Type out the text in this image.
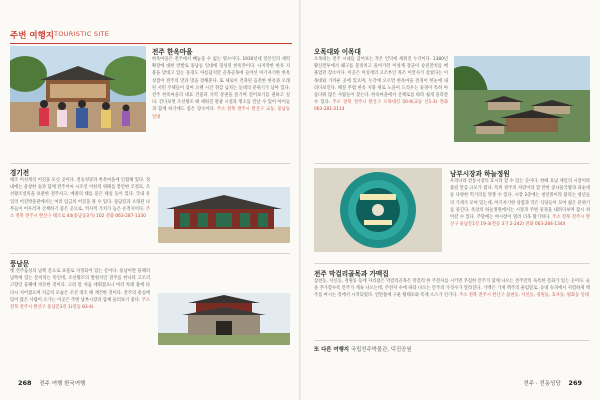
주변 여행지 TOURISTIC SITE
전주 한옥마을
한옥마을은 전주에서 빼놓을 수 없는 명소이다. 1930년대 일본인의 세력 확장에 대한 반발로 풍남동 일대에 형성된 한옥촌이다. 나지막한 한옥 지붕을 맞대고 있는 풍경도 아름답지만 골목골목에 들어선 아기자기한 한옥 상점이 전주의 맛과 멋을 전해준다. 또 새로이 건축된 음전한 한옥과 오래된 서민 주택들이 섞여 오랜 시간 정감 넘치는 동네의 분위기가 남아 있다. 전주 한옥마을의 대표 건물과 지역 상권을 즐기며 걸어보기를 권하고 싶다. 걷다보면 조선왕조 때 세워진 관광 시설과 명소를 만날 수 있어 아이들과 함께 하기에도 좋은 장소이다. 주소 전북 전주시 완산구 교동, 풍남동 일대
경기전
태조 이성계의 어진을 모신 곳이다. 전동성당과 한옥마을에 인접해 있다. 경내에는 울창한 숲과 함께 전주이씨 시조인 이한의 위패를 봉안한 조경묘, 조선왕조실록을 보관한 전주사고, 예종의 태를 묻은 태실 등이 있다. 국내 유일의 어진박물관에서는 여러 임금의 어진을 볼 수 있다. 돌담길과 오래된 나무들이 어우러져 산책하기 좋은 곳으로, 역사적 가치가 높은 유적지이다. 주소 전북 전주시 완산구 태조로 44(풍남동3가) 102 전화 063-287-1330
풍남문
옛 전주읍성의 남쪽 문으로 보물로 지정되어 있는 문이다. 풍남이란 풍패의 남쪽에 있는 문이라는 뜻인데, 조선왕조의 발원지인 전주를 한나라 고조의 고향인 풍패에 비유한 것이다. 고려 말 처음 세워졌으나 여러 차례 불에 타 다시 지어졌으며 지금의 모습은 조선 영조 때 재건한 것이다. 전주의 중심에 있어 많은 사람이 오가는 이곳은 주변 남부시장과 함께 둘러보기 좋다. 주소 전북 전주시 완산구 풍남문3길 1(전동 83-4)
268 전주 여행 한국여행
오목대와 이목대
오목대는 전주 시내를 굽어보는 작은 언덕에 세워진 누각이다. 1380년 황산전투에서 왜구를 물리치고 돌아가던 이성계 장군이 승전잔치를 베풀었던 장소이다. 이곳은 이성계의 고조부인 목조 이안사가 살았다는 이목대와 가까운 곳에 있으며, 누각에 오르면 한옥마을 전경이 한눈에 내려다보인다. 해질 무렵 한옥 지붕 위로 노을이 드리우는 풍경이 특히 아름다워 많은 사람들이 찾는다. 한옥마을에서 산책로를 따라 쉽게 올라갈 수 있다. 주소 전북 전주시 완산구 오목대길 50-6(교동 산1-3) 전화 063-281-2114
남부시장과 하늘정원
우리나라 전통시장의 효시라 할 수 있는 곳이다. 한때 호남 제일의 시장이라 불릴 만큼 규모가 컸다. 특히 전주의 자랑이라 할 만한 콩나물국밥과 피순대 등 다양한 먹거리를 맛볼 수 있다. 시장 2층에는 청년몰이라 불리는 청년들의 가게가 모여 있는데, 아기자기한 상점과 작은 식당들이 모여 젊은 분위기를 풍긴다. 옥상의 하늘정원에서는 시장과 주변 풍경을 내려다보며 잠시 쉬어갈 수 있다. 주말에는 야시장이 열려 더욱 활기차다. 주소 전북 전주시 완산구 풍남문1길 19-3(전동 3가 2-242) 전화 063-284-1344
전주 막걸리골목과 가맥집
삼천동, 서신동, 경원동 등에 자리잡은 막걸리골목은 막걸리 한 주전자를 시키면 푸짐한 안주가 함께 나오는 전주만의 독특한 문화가 있는 곳이다. 술을 추가할수록 안주가 계속 나오는데, 주전자 수에 따라 나오는 안주의 가짓수가 달라진다. 가맥은 가게 맥주의 줄임말로, 동네 슈퍼에서 저렴하게 맥주를 마시는 것에서 시작되었다. 연탄불에 구운 황태포와 특제 소스가 인기다. 주소 전북 전주시 완산구 삼천동, 서신동, 경원동, 효자동, 평화동 일대
또 다른 여행지 국립전주박물관, 덕진공원
전주 · 전동성당 269
